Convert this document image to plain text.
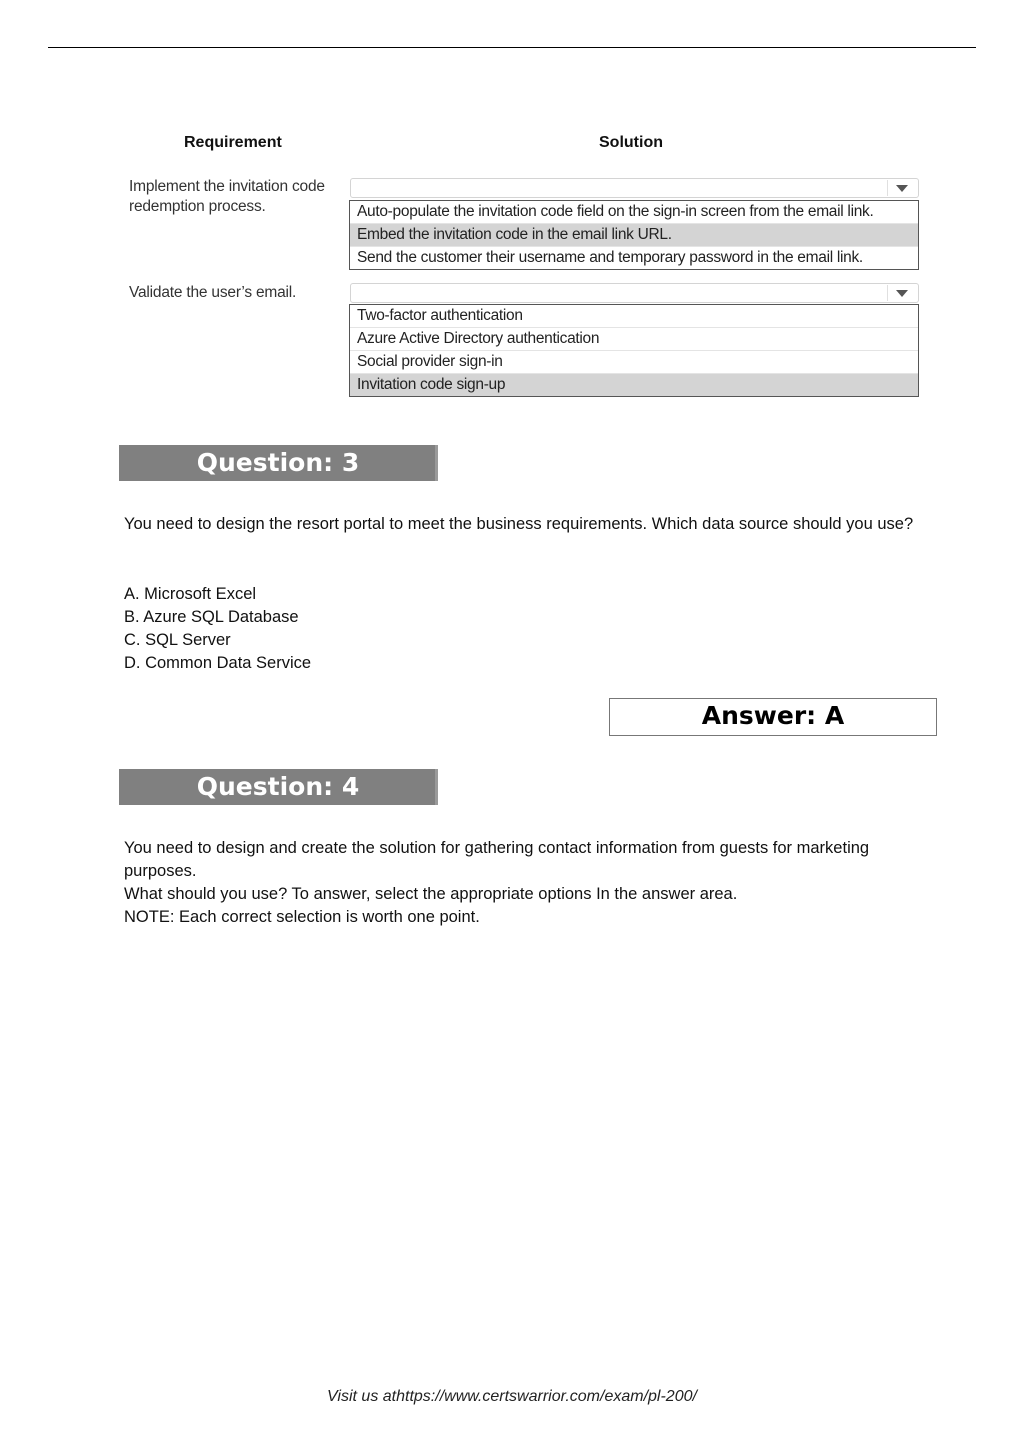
Requirement	Solution
Implement the invitation code redemption process.	Auto-populate the invitation code field on the sign-in screen from the email link.
Embed the invitation code in the email link URL.
Send the customer their username and temporary password in the email link.
Validate the user’s email.
Two-factor authentication
Azure Active Directory authentication
Social provider sign-in
Invitation code sign-up
Question: 3
You need to design the resort portal to meet the business requirements. Which data source should you use?
A. Microsoft Excel
B. Azure SQL Database
C. SQL Server
D. Common Data Service
Answer: A
Question: 4
You need to design and create the solution for gathering contact information from guests for marketing purposes.
What should you use? To answer, select the appropriate options In the answer area.
NOTE: Each correct selection is worth one point.
Visit us athttps://www.certswarrior.com/exam/pl-200/
